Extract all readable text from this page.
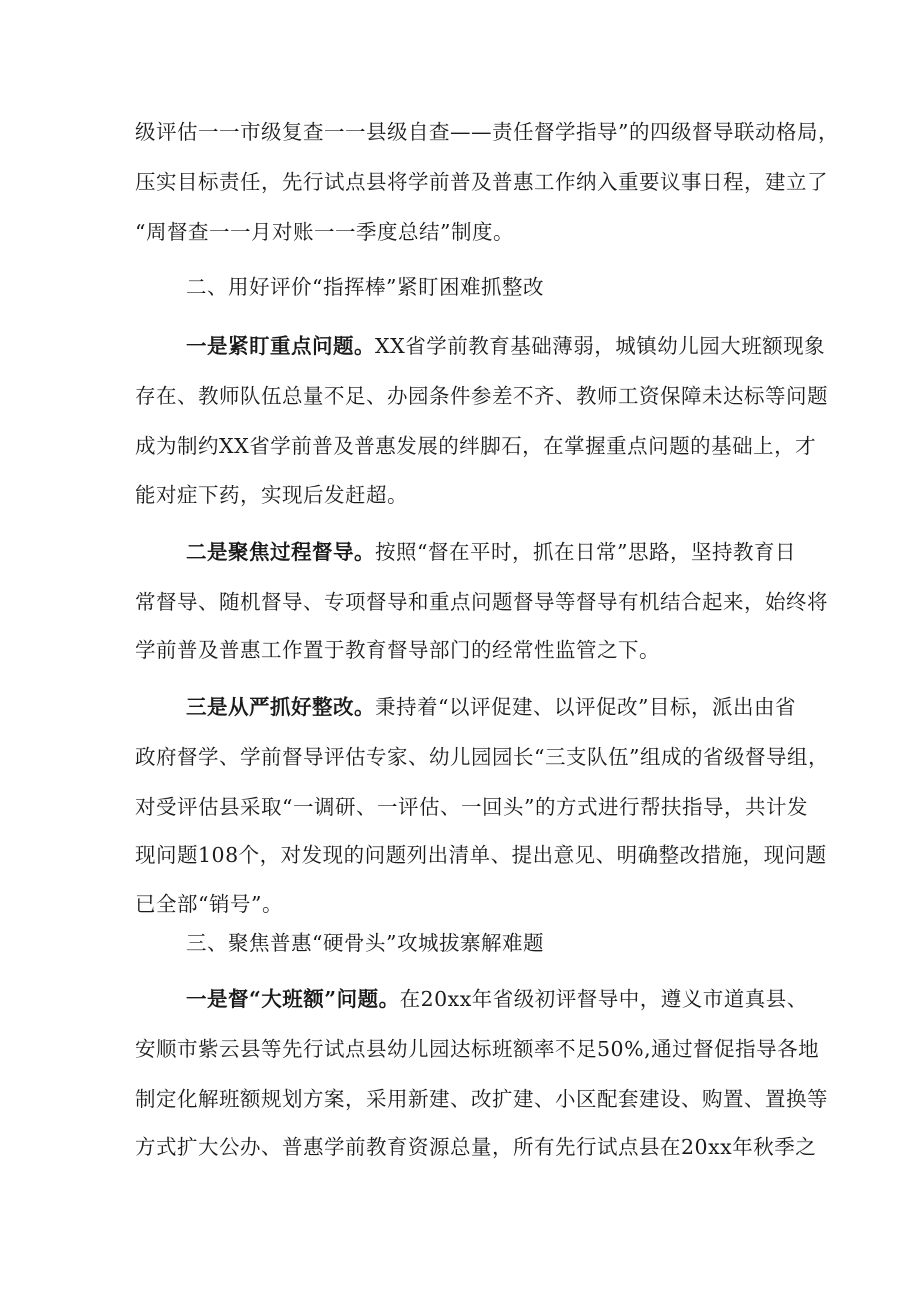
级评估一一市级复查一一县级自查——责任督学指导”的四级督导联动格局，
压实目标责任，先行试点县将学前普及普惠工作纳入重要议事日程，建立了
“周督查一一月对账一一季度总结”制度。
二、用好评价“指挥棒”紧盯困难抓整改
一是紧盯重点问题。XX省学前教育基础薄弱，城镇幼儿园大班额现象
存在、教师队伍总量不足、办园条件参差不齐、教师工资保障未达标等问题
成为制约XX省学前普及普惠发展的绊脚石，在掌握重点问题的基础上，才
能对症下药，实现后发赶超。
二是聚焦过程督导。按照“督在平时，抓在日常”思路，坚持教育日
常督导、随机督导、专项督导和重点问题督导等督导有机结合起来，始终将
学前普及普惠工作置于教育督导部门的经常性监管之下。
三是从严抓好整改。秉持着“以评促建、以评促改”目标，派出由省
政府督学、学前督导评估专家、幼儿园园长“三支队伍”组成的省级督导组，
对受评估县采取“一调研、一评估、一回头”的方式进行帮扶指导，共计发
现问题108个，对发现的问题列出清单、提出意见、明确整改措施，现问题
已全部“销号”。
三、聚焦普惠“硬骨头”攻城拔寨解难题
一是督“大班额”问题。在20xx年省级初评督导中，遵义市道真县、
安顺市紫云县等先行试点县幼儿园达标班额率不足50%,通过督促指导各地
制定化解班额规划方案，采用新建、改扩建、小区配套建设、购置、置换等
方式扩大公办、普惠学前教育资源总量，所有先行试点县在20xx年秋季之
